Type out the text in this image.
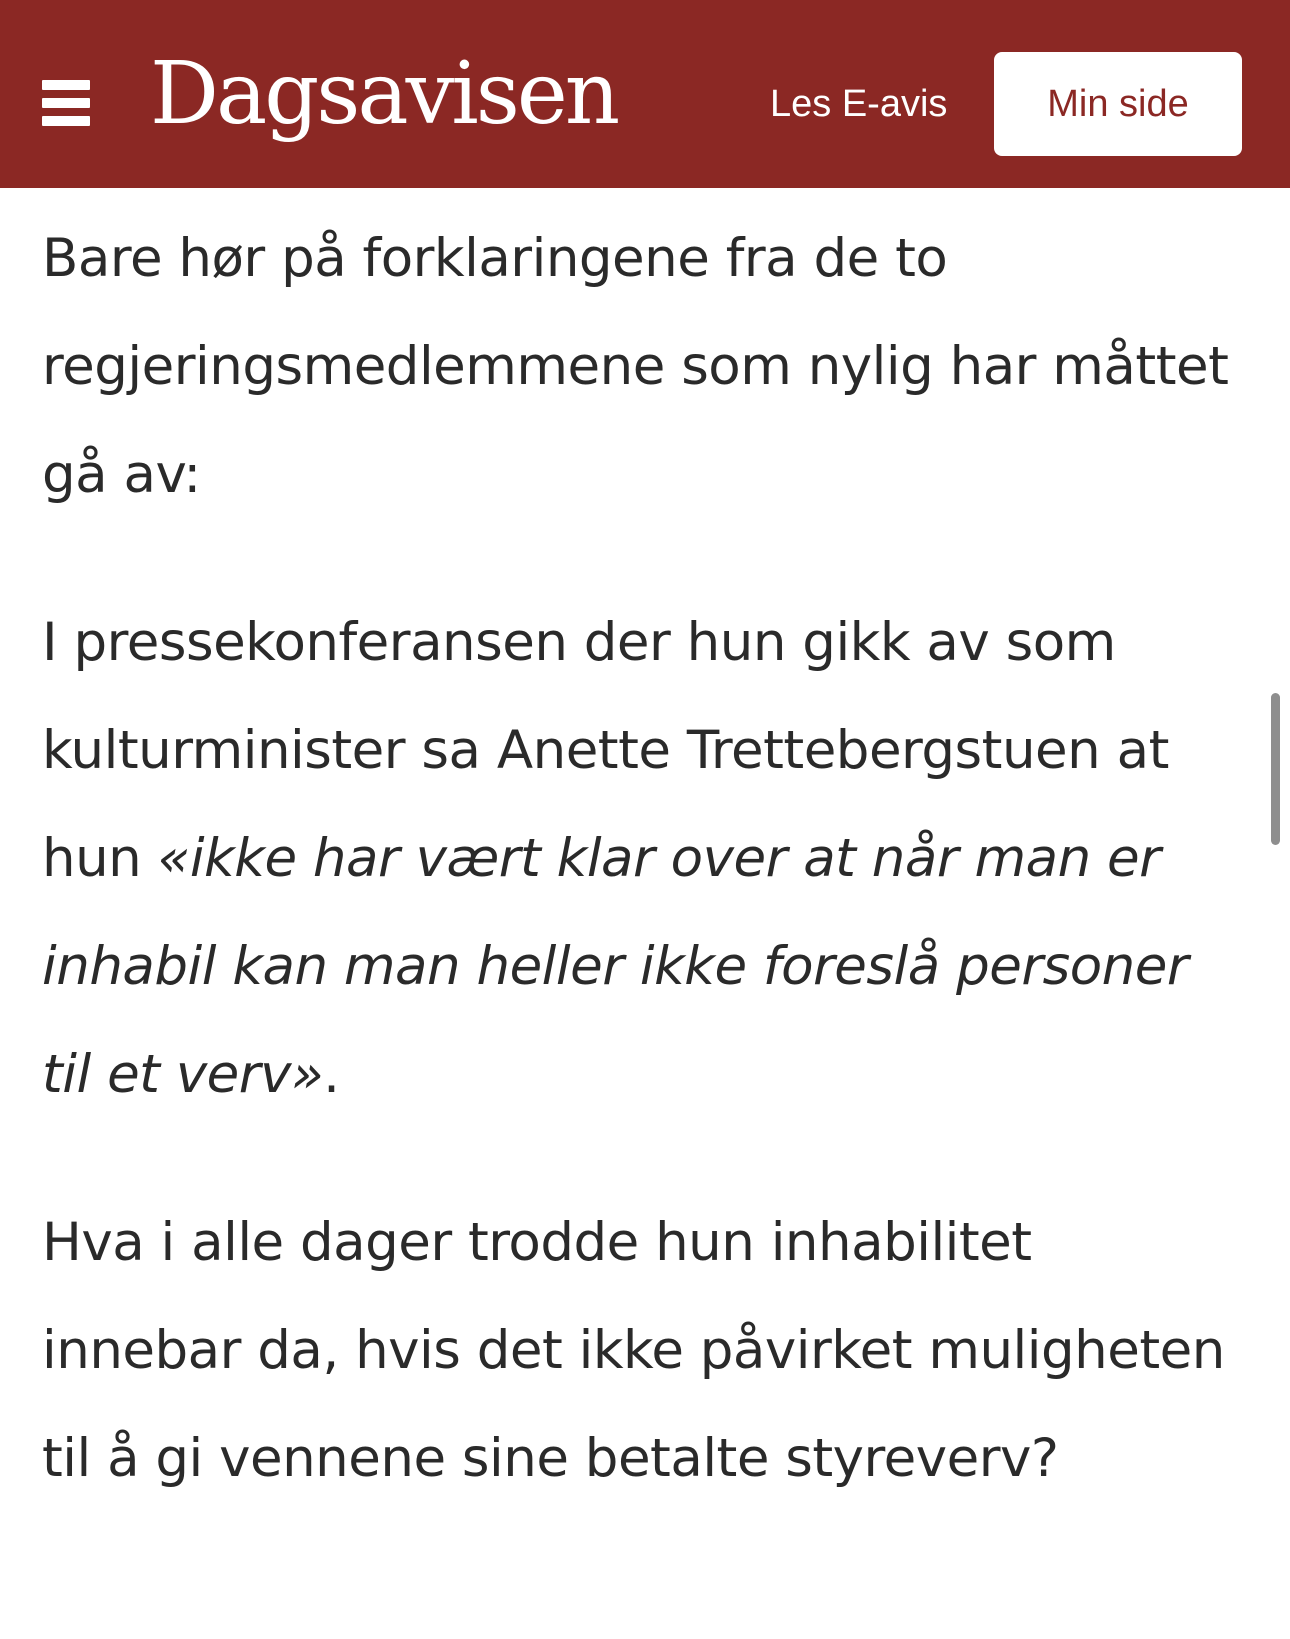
Dagsavisen	Les E-avis	Min side

Bare hør på forklaringene fra de to regjeringsmedlemmene som nylig har måttet gå av:

I pressekonferansen der hun gikk av som kulturminister sa Anette Trettebergstuen at hun «ikke har vært klar over at når man er inhabil kan man heller ikke foreslå personer til et verv».

Hva i alle dager trodde hun inhabilitet innebar da, hvis det ikke påvirket muligheten til å gi vennene sine betalte styreverv?
